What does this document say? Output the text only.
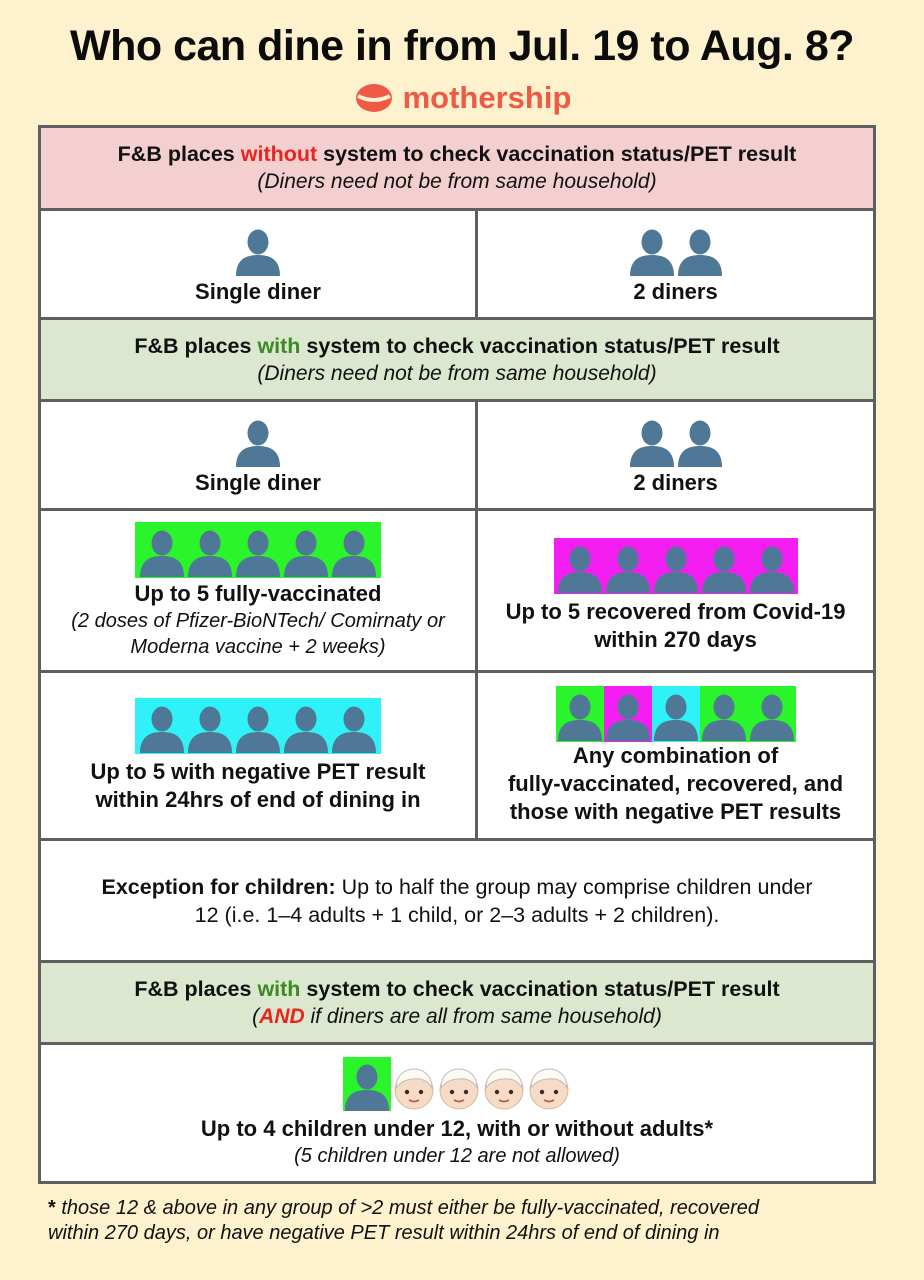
Who can dine in from Jul. 19 to Aug. 8?
mothership
F&B places without system to check vaccination status/PET result
(Diners need not be from same household)
Single diner	2 diners
F&B places with system to check vaccination status/PET result
(Diners need not be from same household)
Single diner	2 diners
Up to 5 fully-vaccinated
(2 doses of Pfizer-BioNTech/ Comirnaty or
Moderna vaccine + 2 weeks)
Up to 5 recovered from Covid-19
within 270 days
Up to 5 with negative PET result
within 24hrs of end of dining in
Any combination of
fully-vaccinated, recovered, and
those with negative PET results
Exception for children: Up to half the group may comprise children under
12 (i.e. 1–4 adults + 1 child, or 2–3 adults + 2 children).
F&B places with system to check vaccination status/PET result
(AND if diners are all from same household)
Up to 4 children under 12, with or without adults*
(5 children under 12 are not allowed)
* those 12 & above in any group of >2 must either be fully-vaccinated, recovered
within 270 days, or have negative PET result within 24hrs of end of dining in
